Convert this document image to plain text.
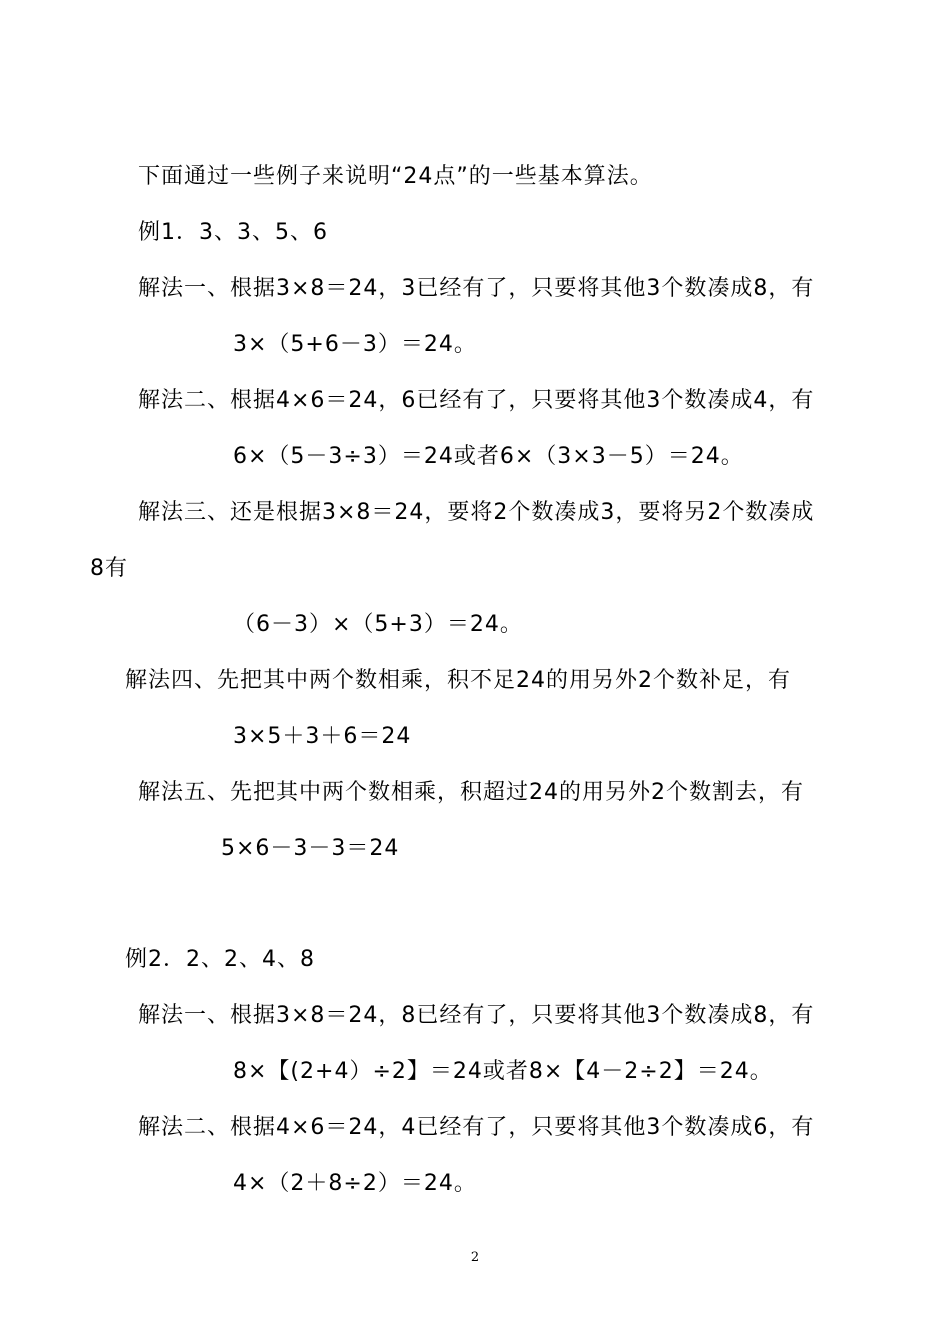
下面通过一些例子来说明“24点”的一些基本算法。
例1．3、3、5、6
解法一、根据3×8＝24，3已经有了，只要将其他3个数凑成8，有
3×（5+6－3）＝24。
解法二、根据4×6＝24，6已经有了，只要将其他3个数凑成4，有
6×（5－3÷3）＝24或者6×（3×3－5）＝24。
解法三、还是根据3×8＝24，要将2个数凑成3，要将另2个数凑成
8有
（6－3）×（5+3）＝24。
解法四、先把其中两个数相乘，积不足24的用另外2个数补足，有
3×5＋3＋6＝24
解法五、先把其中两个数相乘，积超过24的用另外2个数割去，有
5×6－3－3＝24
例2．2、2、4、8
解法一、根据3×8＝24，8已经有了，只要将其他3个数凑成8，有
8×【(2+4）÷2】＝24或者8×【4－2÷2】＝24。
解法二、根据4×6＝24，4已经有了，只要将其他3个数凑成6，有
4×（2＋8÷2）＝24。
2
